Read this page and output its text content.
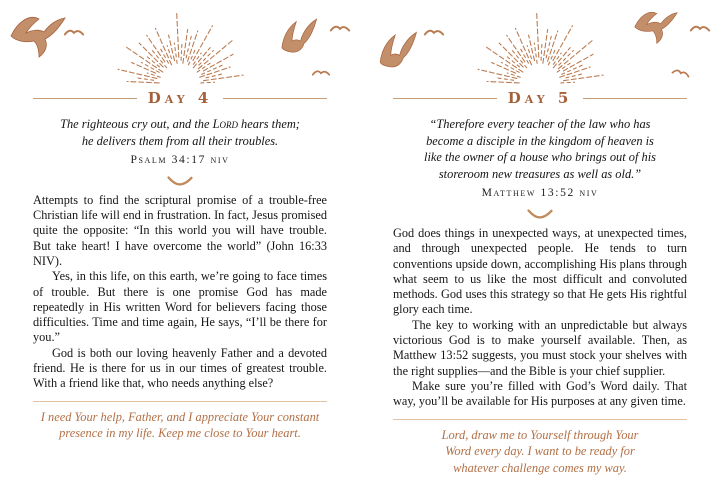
Day 4
The righteous cry out, and the Lord hears them;
he delivers them from all their troubles.
Psalm 34:17 niv

Attempts to find the scriptural promise of a trouble-free Christian life will end in frustration. In fact, Jesus promised quite the opposite: “In this world you will have trouble. But take heart! I have overcome the world” (John 16:33 NIV).

Yes, in this life, on this earth, we’re going to face times of trouble. But there is one promise God has made repeatedly in His written Word for believers facing those difficulties. Time and time again, He says, “I’ll be there for you.”

God is both our loving heavenly Father and a devoted friend. He is there for us in our times of greatest trouble. With a friend like that, who needs anything else?

I need Your help, Father, and I appreciate Your constant
presence in my life. Keep me close to Your heart.
Day 5
“Therefore every teacher of the law who has
become a disciple in the kingdom of heaven is
like the owner of a house who brings out of his
storeroom new treasures as well as old.”
Matthew 13:52 niv

God does things in unexpected ways, at unexpected times, and through unexpected people. He tends to turn conventions upside down, accomplishing His plans through what seem to us like the most difficult and convoluted methods. God uses this strategy so that He gets His rightful glory each time.

The key to working with an unpredictable but always victorious God is to make yourself available. Then, as Matthew 13:52 suggests, you must stock your shelves with the right supplies—and the Bible is your chief supplier.

Make sure you’re filled with God’s Word daily. That way, you’ll be available for His purposes at any given time.

Lord, draw me to Yourself through Your
Word every day. I want to be ready for
whatever challenge comes my way.
